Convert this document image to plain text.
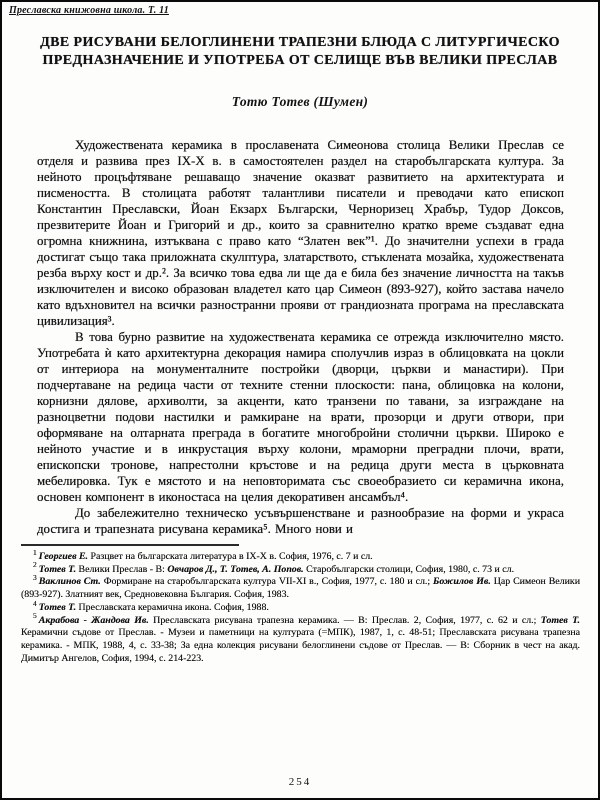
Преславска книжовна школа. Т. 11
ДВЕ РИСУВАНИ БЕЛОГЛИНЕНИ ТРАПЕЗНИ БЛЮДА С ЛИТУРГИЧЕСКО ПРЕДНАЗНАЧЕНИЕ И УПОТРЕБА ОТ СЕЛИЩЕ ВЪВ ВЕЛИКИ ПРЕСЛАВ
Тотю Тотев (Шумен)

Художествената керамика в прославената Симеонова столица Велики Преслав се отделя и развива през IX-X в. в самостоятелен раздел на старобългарската култура. За нейното процъфтяване решаващо значение оказват развитието на архитектурата и писмеността. В столицата работят талантливи писатели и преводачи като епископ Константин Преславски, Йоан Екзарх Български, Черноризец Храбър, Тудор Доксов, презвитерите Йоан и Григорий и др., които за сравнително кратко време създават една огромна книжнина, изтъквана с право като “Златен век”¹. До значителни успехи в града достигат също така приложната скулптура, златарството, стъклената мозайка, художествената резба върху кост и др.². За всичко това едва ли ще да е била без значение личността на такъв изключителен и високо образован владетел като цар Симеон (893-927), който застава начело като вдъхновител на всички разностранни прояви от грандиозната програма на преславската цивилизация³.

В това бурно развитие на художествената керамика се отрежда изключително място. Употребата ѝ като архитектурна декорация намира сполучлив израз в облицовката на цокли от интериора на монументалните постройки (дворци, църкви и манастири). При подчертаване на редица части от техните стенни плоскости: пана, облицовка на колони, корнизни дялове, архиволти, за акценти, като транзени по тавани, за изграждане на разноцветни подови настилки и рамкиране на врати, прозорци и други отвори, при оформяване на олтарната преграда в богатите многобройни столични църкви. Широко е нейното участие и в инкрустация върху колони, мраморни преградни плочи, врати, епископски тронове, напрестолни кръстове и на редица други места в църковната мебелировка. Тук е мястото и на неповторимата със своеобразието си керамична икона, основен компонент в иконостаса на целия декоративен ансамбъл⁴.

До забележително техническо усъвършенстване и разнообразие на форми и украса достига и трапезната рисувана керамика⁵. Много нови и

$^1$ Георгиев Е. Разцвет на българската литература в IX-X в. София, 1976, с. 7 и сл.
$^2$ Тотев Т. Велики Преслав - В: Овчаров Д., Т. Тотев, А. Попов. Старобългарски столици, София, 1980, с. 73 и сл.
$^3$ Ваклинов Ст. Формиране на старобългарската култура VII-XI в., София, 1977, с. 180 и сл.; Божилов Ив. Цар Симеон Велики (893-927). Златният век, Средновековна България. София, 1983.
$^4$ Тотев Т. Преславската керамична икона. София, 1988.
$^5$ Акрабова - Жандова Ив. Преславската рисувана трапезна керамика. — В: Преслав. 2, София, 1977, с. 62 и сл.; Тотев Т. Керамични съдове от Преслав. - Музеи и паметници на културата (=МПК), 1987, 1, с. 48-51; Преславската рисувана трапезна керамика. - МПК, 1988, 4, с. 33-38; За една колекция рисувани белоглинени съдове от Преслав. — В: Сборник в чест на акад. Димитър Ангелов, София, 1994, с. 214-223.
254
